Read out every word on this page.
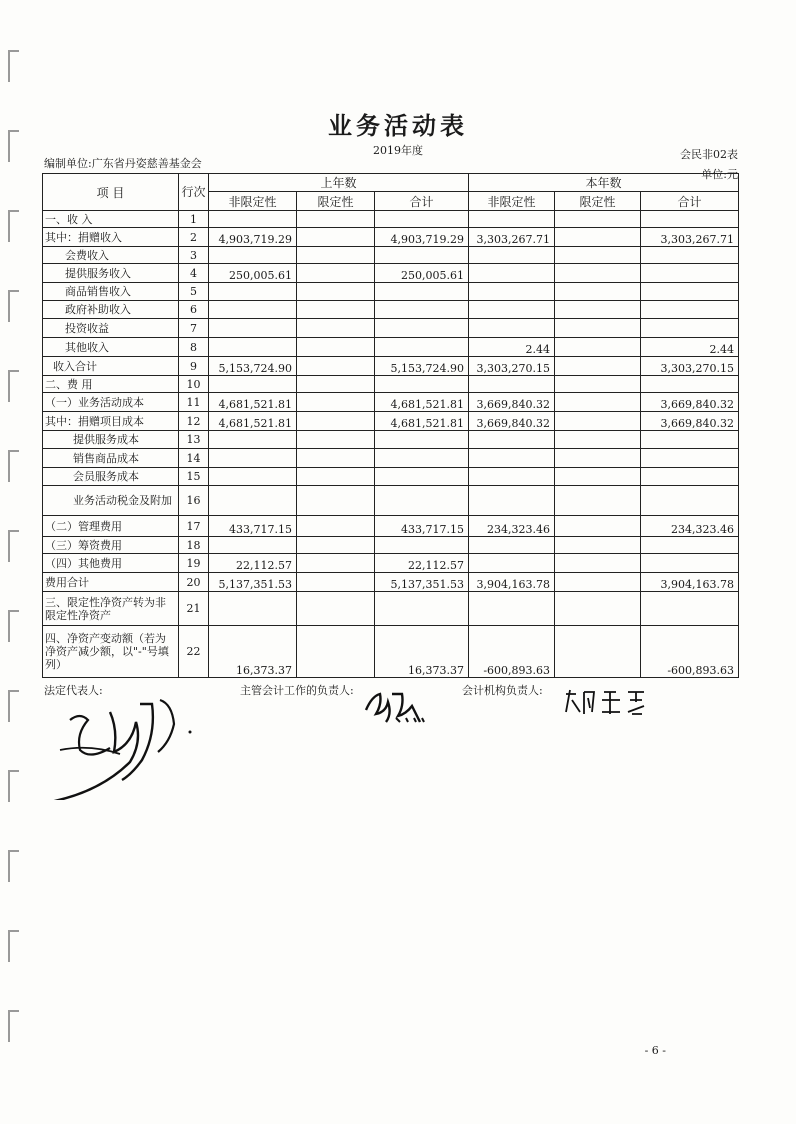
业务活动表
2019年度	会民非02表
编制单位:广东省丹姿慈善基金会
单位:元
项 目	行次	上年数			本年数		
		非限定性	限定性	合计	非限定性	限定性	合计
一、收 入	1						
其中：捐赠收入	2	4,903,719.29		4,903,719.29	3,303,267.71		3,303,267.71
会费收入	3						
提供服务收入	4	250,005.61		250,005.61			
商品销售收入	5						
政府补助收入	6						
投资收益	7						
其他收入	8				2.44		2.44
收入合计	9	5,153,724.90		5,153,724.90	3,303,270.15		3,303,270.15
二、费 用	10						
（一）业务活动成本	11	4,681,521.81		4,681,521.81	3,669,840.32		3,669,840.32
其中：捐赠项目成本	12	4,681,521.81		4,681,521.81	3,669,840.32		3,669,840.32
提供服务成本	13						
销售商品成本	14						
会员服务成本	15						
业务活动税金及附加	16						
（二）管理费用	17	433,717.15		433,717.15	234,323.46		234,323.46
（三）筹资费用	18						
（四）其他费用	19	22,112.57		22,112.57			
费用合计	20	5,137,351.53		5,137,351.53	3,904,163.78		3,904,163.78
三、限定性净资产转为非限定性净资产	21						
四、净资产变动额（若为净资产减少额，以"-"号填列）	22	16,373.37		16,373.37	-600,893.63		-600,893.63
法定代表人:	主管会计工作的负责人:	会计机构负责人:
- 6 -
